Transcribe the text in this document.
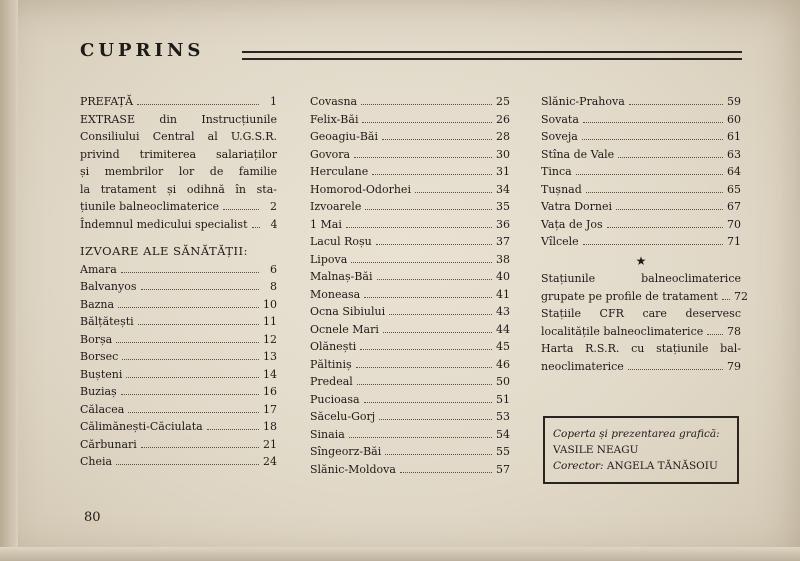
CUPRINS
PREFAȚĂ	1
EXTRASE din Instrucțiunile
Consiliului Central al U.G.S.R.
privind trimiterea salariaților
și membrilor lor de familie
la tratament și odihnă în sta-
țiunile balneoclimaterice	2
Îndemnul medicului specialist	4
IZVOARE ALE SĂNĂTĂȚII:
Amara	6
Balvanyos	8
Bazna	10
Bălțătești	11
Borșa	12
Borsec	13
Bușteni	14
Buziaș	16
Călacea	17
Călimănești-Căciulata	18
Cărbunari	21
Cheia	24
Covasna	25
Felix-Băi	26
Geoagiu-Băi	28
Govora	30
Herculane	31
Homorod-Odorhei	34
Izvoarele	35
1 Mai	36
Lacul Roșu	37
Lipova	38
Malnaș-Băi	40
Moneasa	41
Ocna Sibiului	43
Ocnele Mari	44
Olănești	45
Păltiniș	46
Predeal	50
Pucioasa	51
Săcelu-Gorj	53
Sinaia	54
Sîngeorz-Băi	55
Slănic-Moldova	57
Slănic-Prahova	59
Sovata	60
Soveja	61
Stîna de Vale	63
Tinca	64
Tușnad	65
Vatra Dornei	67
Vața de Jos	70
Vîlcele	71
★
Stațiunile balneoclimaterice
grupate pe profile de tratament 72
Stațiile CFR care deservesc
localitățile balneoclimaterice 78
Harta R.S.R. cu stațiunile bal-
neoclimaterice	79
Coperta și prezentarea grafică:
VASILE NEAGU
Corector: ANGELA TĂNĂSOIU
80
